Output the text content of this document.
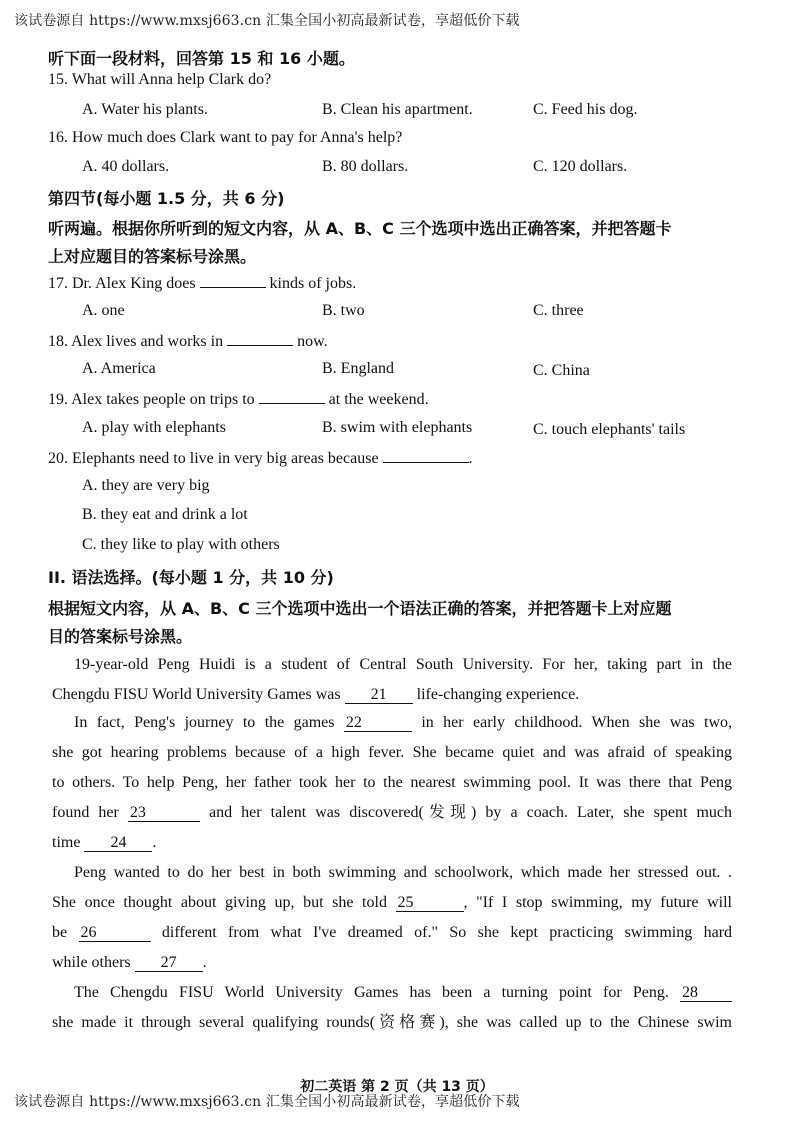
该试卷源自 https://www.mxsj663.cn 汇集全国小初高最新试卷，享超低价下载
听下面一段材料，回答第 15 和 16 小题。
15. What will Anna help Clark do?
A. Water his plants.	B. Clean his apartment.	C. Feed his dog.
16. How much does Clark want to pay for Anna's help?
A. 40 dollars.	B. 80 dollars.	C. 120 dollars.
第四节(每小题 1.5 分，共 6 分)
听两遍。根据你所听到的短文内容，从 A、B、C 三个选项中选出正确答案，并把答题卡
上对应题目的答案标号涂黑。
17. Dr. Alex King does	kinds of jobs.
A. one	B. two	C. three
18. Alex lives and works in	now.
A. America	B. England	C. China
19. Alex takes people on trips to	at the weekend.
A. play with elephants	B. swim with elephants	C. touch elephants' tails
20. Elephants need to live in very big areas because	.
A. they are very big
B. they eat and drink a lot
C. they like to play with others
II. 语法选择。(每小题 1 分，共 10 分)
根据短文内容，从 A、B、C 三个选项中选出一个语法正确的答案，并把答题卡上对应题
目的答案标号涂黑。
19-year-old Peng Huidi is a student of Central South University. For her, taking part in the
Chengdu FISU World University Games was 21 life-changing experience.
In fact, Peng's journey to the games 22	in her early childhood. When she was two,
she got hearing problems because of a high fever. She became quiet and was afraid of speaking
to others. To help Peng, her father took her to the nearest swimming pool. It was there that Peng
found her 23	and her talent was discovered(发现) by a coach. Later, she spent much
time 24 .
Peng wanted to do her best in both swimming and schoolwork, which made her stressed out. .
She once thought about giving up, but she told 25	, "If I stop swimming, my future will
be 26	different from what I've dreamed of." So she kept practicing swimming hard
while others 27 .
The Chengdu FISU World University Games has been a turning point for Peng. 28
she made it through several qualifying rounds(资格赛), she was called up to the Chinese swim
初二英语 第 2 页（共 13 页）
该试卷源自 https://www.mxsj663.cn 汇集全国小初高最新试卷，享超低价下载
